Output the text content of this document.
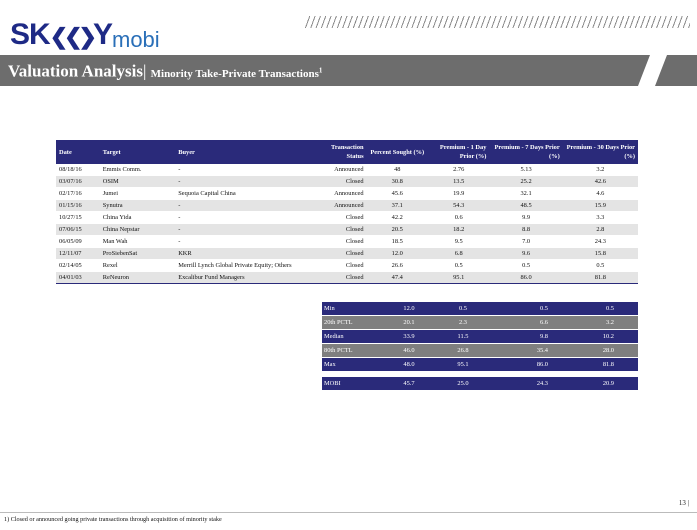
SK❮❮❯Y mobi
Valuation Analysis| Minority Take-Private Transactions$^1$
Date	Target	Buyer	Transaction Status	Percent Sought (%)	Premium - 1 Day Prior (%)	Premium - 7 Days Prior (%)	Premium - 30 Days Prior (%)
08/18/16	Emmis Comm.	-	Announced	48	2.76	5.13	3.2
03/07/16	OSIM	-	Closed	30.8	13.5	25.2	42.6
02/17/16	Jumei	Sequoia Capital China	Announced	45.6	19.9	32.1	4.6
01/15/16	Synutra	-	Announced	37.1	54.3	48.5	15.9
10/27/15	China Yida	-	Closed	42.2	0.6	9.9	3.3
07/06/15	China Nepstar	-	Closed	20.5	18.2	8.8	2.8
06/05/09	Man Wah	-	Closed	18.5	9.5	7.0	24.3
12/11/07	ProSiebenSat	KKR	Closed	12.0	6.8	9.6	15.8
02/14/05	Rexel	Merrill Lynch Global Private Equity; Others	Closed	26.6	0.5	0.5	0.5
04/01/03	ReNeuron	Excalibur Fund Managers	Closed	47.4	95.1	86.0	81.8
Min	12.0	0.5	0.5	0.5
20th PCTL	20.1	2.3	6.6	3.2
Median	33.9	11.5	9.8	10.2
80th PCTL	46.0	26.8	35.4	28.0
Max	48.0	95.1	86.0	81.8
MOBI	45.7	25.0	24.3	20.9
13 |
1) Closed or announced going private transactions through acquisition of minority stake
